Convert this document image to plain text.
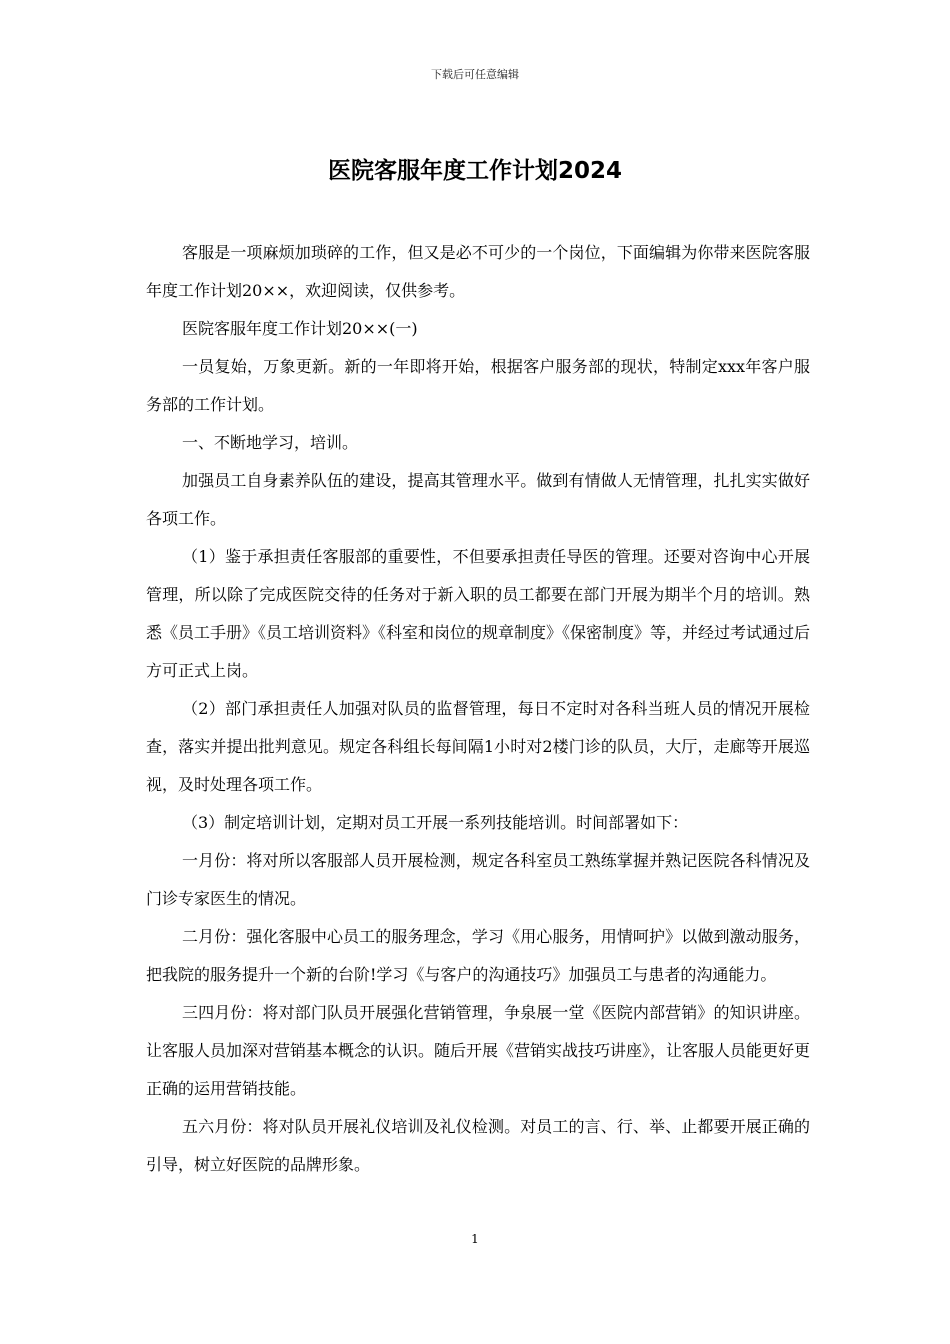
下载后可任意编辑
医院客服年度工作计划2024

客服是一项麻烦加琐碎的工作，但又是必不可少的一个岗位，下面编辑为你带来医院客服年度工作计划20××，欢迎阅读，仅供参考。

医院客服年度工作计划20××(一)

一员复始，万象更新。新的一年即将开始，根据客户服务部的现状，特制定xxx年客户服务部的工作计划。

一、不断地学习，培训。

加强员工自身素养队伍的建设，提高其管理水平。做到有情做人无情管理，扎扎实实做好各项工作。

（1）鉴于承担责任客服部的重要性，不但要承担责任导医的管理。还要对咨询中心开展管理，所以除了完成医院交待的任务对于新入职的员工都要在部门开展为期半个月的培训。熟悉《员工手册》《员工培训资料》《科室和岗位的规章制度》《保密制度》等，并经过考试通过后方可正式上岗。

（2）部门承担责任人加强对队员的监督管理，每日不定时对各科当班人员的情况开展检查，落实并提出批判意见。规定各科组长每间隔1小时对2楼门诊的队员，大厅，走廊等开展巡视，及时处理各项工作。

（3）制定培训计划，定期对员工开展一系列技能培训。时间部署如下：

一月份：将对所以客服部人员开展检测，规定各科室员工熟练掌握并熟记医院各科情况及门诊专家医生的情况。

二月份：强化客服中心员工的服务理念，学习《用心服务，用情呵护》以做到激动服务，把我院的服务提升一个新的台阶!学习《与客户的沟通技巧》加强员工与患者的沟通能力。

三四月份：将对部门队员开展强化营销管理，争泉展一堂《医院内部营销》的知识讲座。让客服人员加深对营销基本概念的认识。随后开展《营销实战技巧讲座》，让客服人员能更好更正确的运用营销技能。

五六月份：将对队员开展礼仪培训及礼仪检测。对员工的言、行、举、止都要开展正确的引导，树立好医院的品牌形象。

1
